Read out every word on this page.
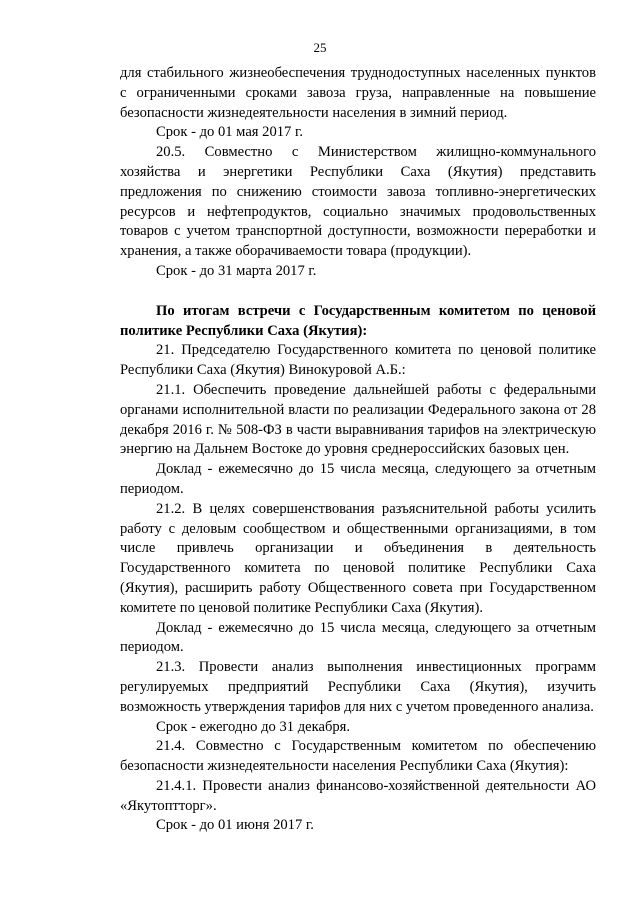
25

для стабильного жизнеобеспечения труднодоступных населенных пунктов с ограниченными сроками завоза груза, направленные на повышение безопасности жизнедеятельности населения в зимний период.

Срок - до 01 мая 2017 г.

20.5. Совместно с Министерством жилищно-коммунального хозяйства и энергетики Республики Саха (Якутия) представить предложения по снижению стоимости завоза топливно-энергетических ресурсов и нефтепродуктов, социально значимых продовольственных товаров с учетом транспортной доступности, возможности переработки и хранения, а также оборачиваемости товара (продукции).

Срок - до 31 марта 2017 г.

По итогам встречи с Государственным комитетом по ценовой политике Республики Саха (Якутия):

21. Председателю Государственного комитета по ценовой политике Республики Саха (Якутия) Винокуровой А.Б.:

21.1. Обеспечить проведение дальнейшей работы с федеральными органами исполнительной власти по реализации Федерального закона от 28 декабря 2016 г. № 508-ФЗ в части выравнивания тарифов на электрическую энергию на Дальнем Востоке до уровня среднероссийских базовых цен.

Доклад - ежемесячно до 15 числа месяца, следующего за отчетным периодом.

21.2. В целях совершенствования разъяснительной работы усилить работу с деловым сообществом и общественными организациями, в том числе привлечь организации и объединения в деятельность Государственного комитета по ценовой политике Республики Саха (Якутия), расширить работу Общественного совета при Государственном комитете по ценовой политике Республики Саха (Якутия).

Доклад - ежемесячно до 15 числа месяца, следующего за отчетным периодом.

21.3. Провести анализ выполнения инвестиционных программ регулируемых предприятий Республики Саха (Якутия), изучить возможность утверждения тарифов для них с учетом проведенного анализа.

Срок - ежегодно до 31 декабря.

21.4. Совместно с Государственным комитетом по обеспечению безопасности жизнедеятельности населения Республики Саха (Якутия):

21.4.1. Провести анализ финансово-хозяйственной деятельности АО «Якутоптторг».

Срок - до 01 июня 2017 г.
